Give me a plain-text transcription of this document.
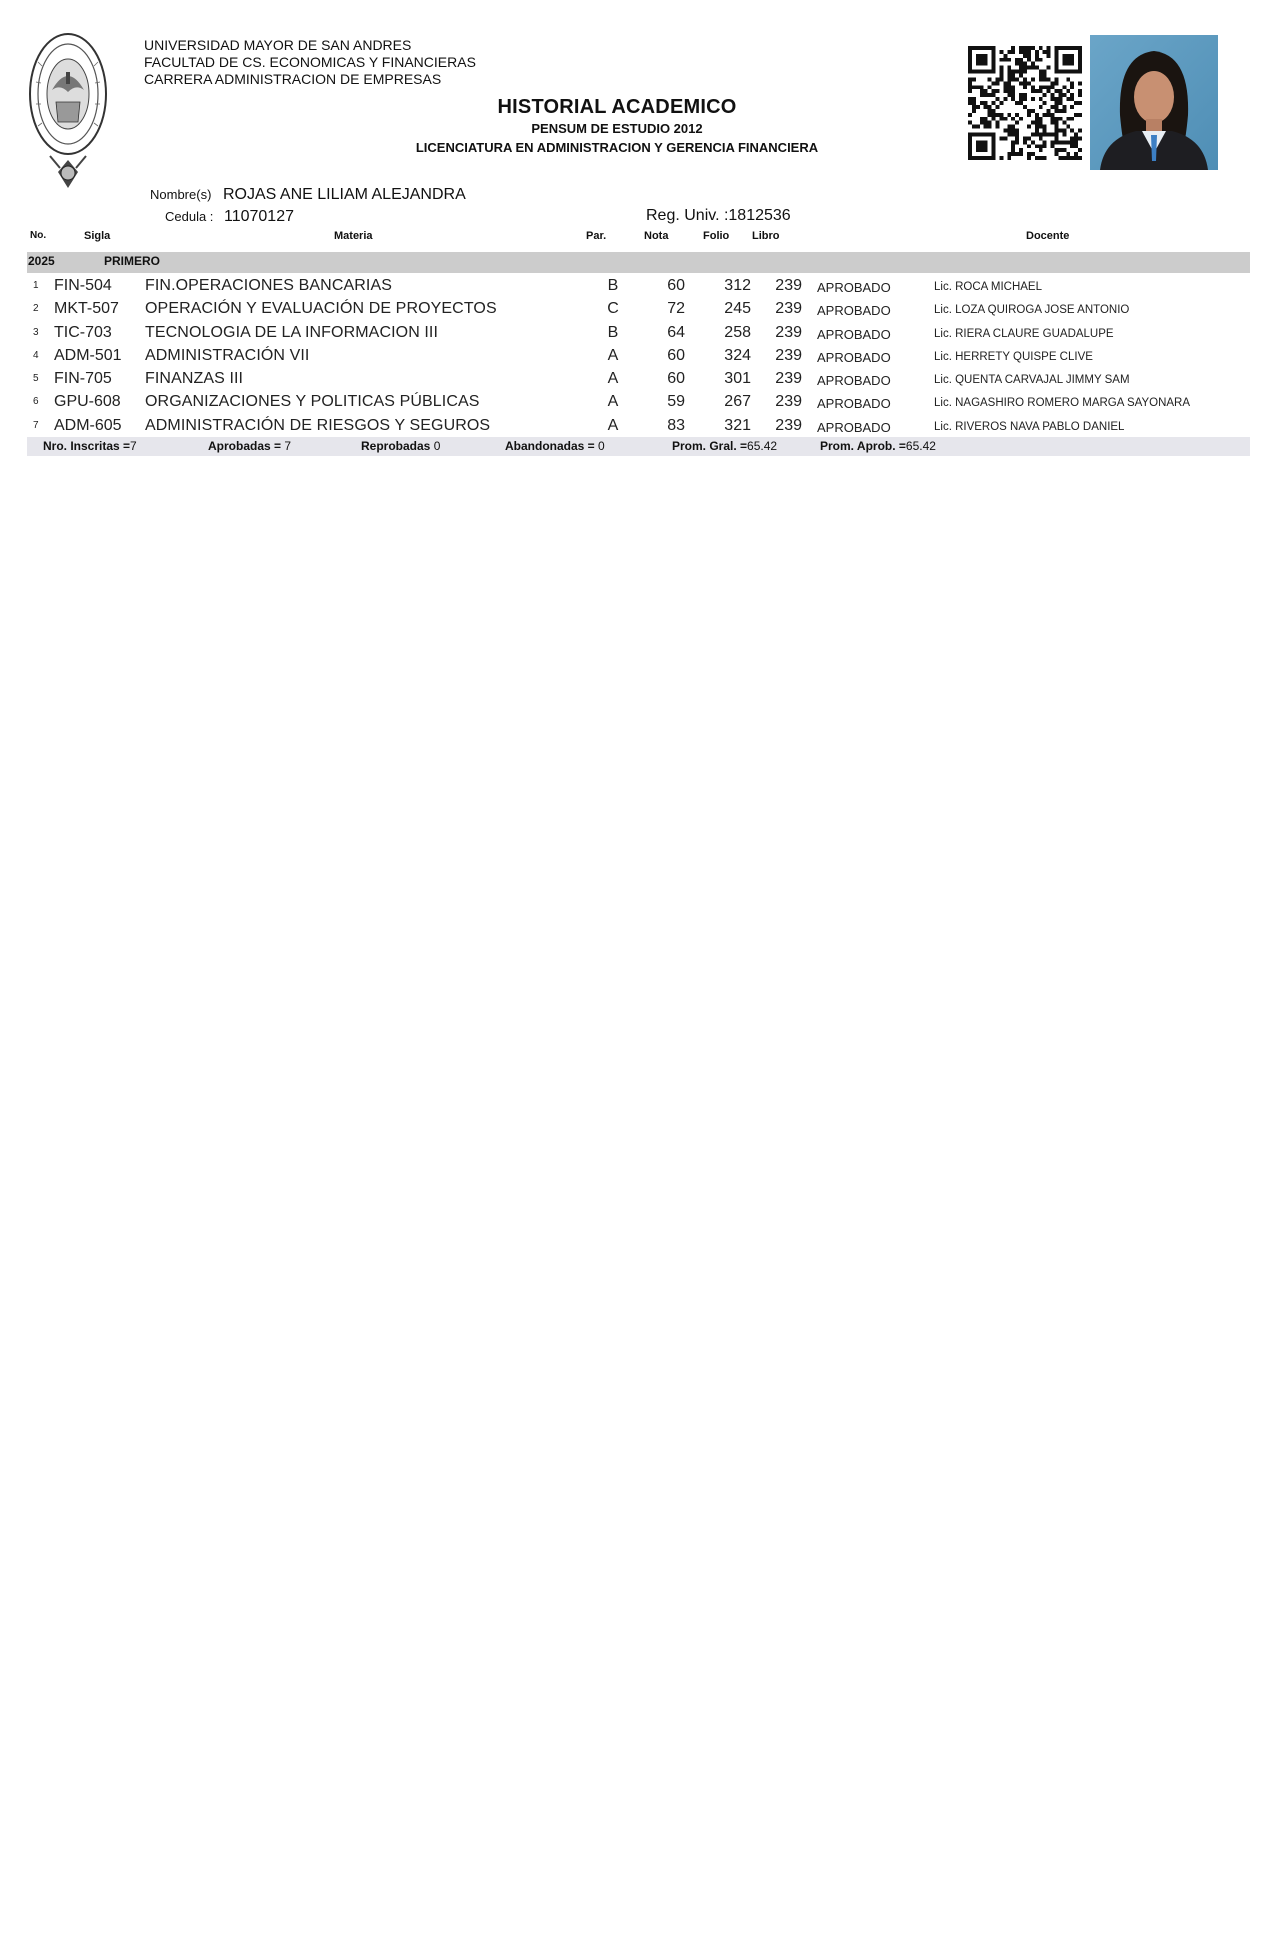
UNIVERSIDAD MAYOR DE SAN ANDRES
FACULTAD DE CS. ECONOMICAS Y FINANCIERAS
CARRERA ADMINISTRACION DE EMPRESAS
HISTORIAL ACADEMICO
PENSUM DE ESTUDIO 2012
LICENCIATURA EN ADMINISTRACION Y GERENCIA FINANCIERA
Nombre(s) ROJAS ANE LILIAM ALEJANDRA
Cedula : 11070127	Reg. Univ. :1812536
No.	Sigla	Materia	Par.	Nota	Folio Libro	Docente
2025	PRIMERO
1 FIN-504 FIN.OPERACIONES BANCARIAS	B	60	312	239 APROBADO	Lic. ROCA MICHAEL
2 MKT-507 OPERACIÓN Y EVALUACIÓN DE PROYECTOS	C	72	245	239 APROBADO	Lic. LOZA QUIROGA JOSE ANTONIO
3 TIC-703 TECNOLOGIA DE LA INFORMACION III	B	64	258	239 APROBADO	Lic. RIERA CLAURE GUADALUPE
4 ADM-501 ADMINISTRACIÓN VII	A	60	324	239 APROBADO	Lic. HERRETY QUISPE CLIVE
5 FIN-705 FINANZAS III	A	60	301	239 APROBADO	Lic. QUENTA CARVAJAL JIMMY SAM
6 GPU-608 ORGANIZACIONES Y POLITICAS PÚBLICAS	A	59	267	239 APROBADO	Lic. NAGASHIRO ROMERO MARGA SAYONARA
7 ADM-605 ADMINISTRACIÓN DE RIESGOS Y SEGUROS	A	83	321	239 APROBADO	Lic. RIVEROS NAVA PABLO DANIEL
Nro. Inscritas =7	Aprobadas = 7	Reprobadas 0	Abandonadas = 0	Prom. Gral. =65.42	Prom. Aprob. =65.42
